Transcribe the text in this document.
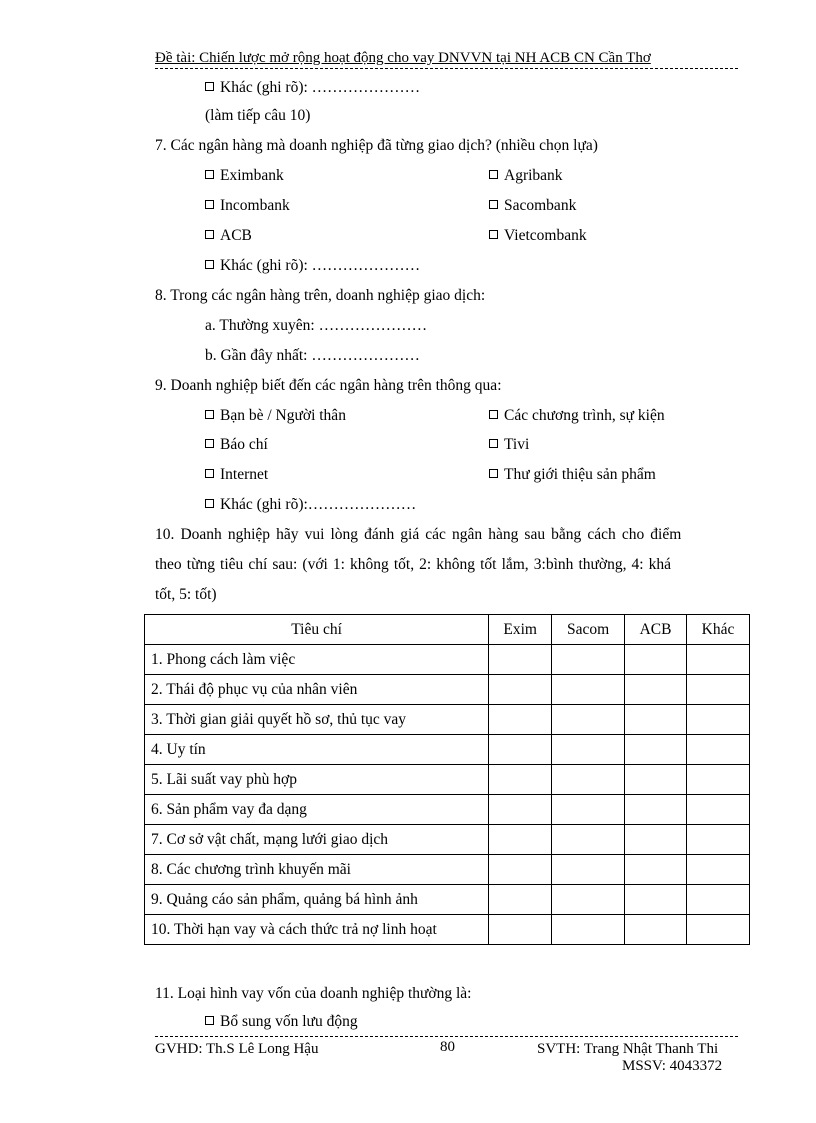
Đề tài: Chiến lược mở rộng hoạt động cho vay DNVVN tại NH ACB CN Cần Thơ
Khác (ghi rõ): …………………
(làm tiếp câu 10)
7. Các ngân hàng mà doanh nghiệp đã từng giao dịch? (nhiều chọn lựa)
Eximbank	Agribank
Incombank	Sacombank
ACB	Vietcombank
Khác (ghi rõ): …………………
8. Trong các ngân hàng trên, doanh nghiệp giao dịch:
a. Thường xuyên: …………………
b. Gần đây nhất: …………………
9. Doanh nghiệp biết đến các ngân hàng trên thông qua:
Bạn bè / Người thân	Các chương trình, sự kiện
Báo chí	Tivi
Internet	Thư giới thiệu sản phẩm
Khác (ghi rõ):…………………
10. Doanh nghiệp hãy vui lòng đánh giá các ngân hàng sau bằng cách cho điểm
theo từng tiêu chí sau: (với 1: không tốt, 2: không tốt lắm, 3:bình thường, 4: khá
tốt, 5: tốt)
Tiêu chí	Exim	Sacom	ACB	Khác
1. Phong cách làm việc				
2. Thái độ phục vụ của nhân viên				
3. Thời gian giải quyết hồ sơ, thủ tục vay				
4. Uy tín				
5. Lãi suất vay phù hợp				
6. Sản phẩm vay đa dạng				
7. Cơ sở vật chất, mạng lưới giao dịch				
8. Các chương trình khuyến mãi				
9. Quảng cáo sản phẩm, quảng bá hình ảnh				
10. Thời hạn vay và cách thức trả nợ linh hoạt				
11. Loại hình vay vốn của doanh nghiệp thường là:
Bổ sung vốn lưu động
GVHD: Th.S Lê Long Hậu	80	SVTH: Trang Nhật Thanh Thi
MSSV: 4043372
